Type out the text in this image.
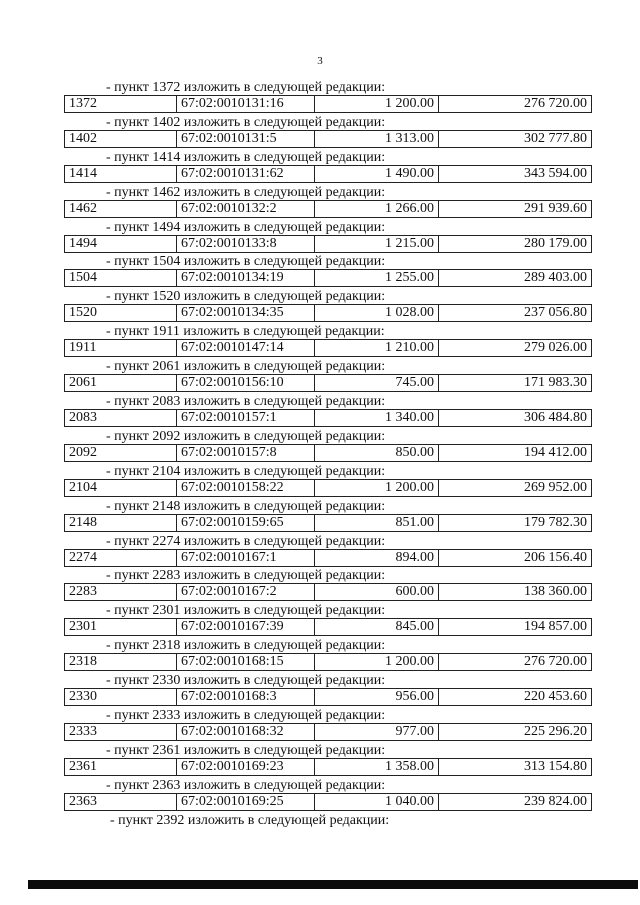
3
- пункт 1372 изложить в следующей редакции:
1372	67:02:0010131:16	1 200.00	276 720.00
- пункт 1402 изложить в следующей редакции:
1402	67:02:0010131:5	1 313.00	302 777.80
- пункт 1414 изложить в следующей редакции:
1414	67:02:0010131:62	1 490.00	343 594.00
- пункт 1462 изложить в следующей редакции:
1462	67:02:0010132:2	1 266.00	291 939.60
- пункт 1494 изложить в следующей редакции:
1494	67:02:0010133:8	1 215.00	280 179.00
- пункт 1504 изложить в следующей редакции:
1504	67:02:0010134:19	1 255.00	289 403.00
- пункт 1520 изложить в следующей редакции:
1520	67:02:0010134:35	1 028.00	237 056.80
- пункт 1911 изложить в следующей редакции:
1911	67:02:0010147:14	1 210.00	279 026.00
- пункт 2061 изложить в следующей редакции:
2061	67:02:0010156:10	745.00	171 983.30
- пункт 2083 изложить в следующей редакции:
2083	67:02:0010157:1	1 340.00	306 484.80
- пункт 2092 изложить в следующей редакции:
2092	67:02:0010157:8	850.00	194 412.00
- пункт 2104 изложить в следующей редакции:
2104	67:02:0010158:22	1 200.00	269 952.00
- пункт 2148 изложить в следующей редакции:
2148	67:02:0010159:65	851.00	179 782.30
- пункт 2274 изложить в следующей редакции:
2274	67:02:0010167:1	894.00	206 156.40
- пункт 2283 изложить в следующей редакции:
2283	67:02:0010167:2	600.00	138 360.00
- пункт 2301 изложить в следующей редакции:
2301	67:02:0010167:39	845.00	194 857.00
- пункт 2318 изложить в следующей редакции:
2318	67:02:0010168:15	1 200.00	276 720.00
- пункт 2330 изложить в следующей редакции:
2330	67:02:0010168:3	956.00	220 453.60
- пункт 2333 изложить в следующей редакции:
2333	67:02:0010168:32	977.00	225 296.20
- пункт 2361 изложить в следующей редакции:
2361	67:02:0010169:23	1 358.00	313 154.80
- пункт 2363 изложить в следующей редакции:
2363	67:02:0010169:25	1 040.00	239 824.00
- пункт 2392 изложить в следующей редакции:
